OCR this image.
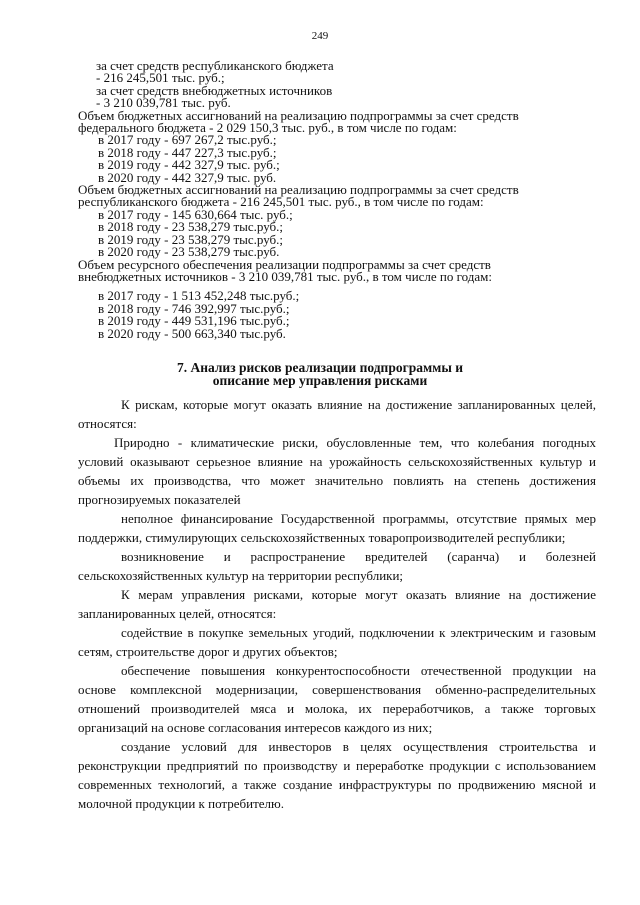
249

за счет средств республиканского бюджета

- 216 245,501 тыс. руб.;

за счет средств внебюджетных источников

- 3 210 039,781 тыс. руб.

Объем бюджетных ассигнований на реализацию подпрограммы за счет средств

федерального бюджета - 2 029 150,3 тыс. руб., в том числе по годам:

в 2017 году - 697 267,2 тыс.руб.;

в 2018 году - 447 227,3 тыс.руб.;

в 2019 году - 442 327,9 тыс. руб.;

в 2020 году - 442 327,9 тыс. руб.

Объем бюджетных ассигнований на реализацию подпрограммы за счет средств

республиканского бюджета - 216 245,501 тыс. руб., в том числе по годам:

в 2017 году - 145 630,664 тыс. руб.;

в 2018 году - 23 538,279 тыс.руб.;

в 2019 году - 23 538,279 тыс.руб.;

в 2020 году - 23 538,279 тыс.руб.

Объем ресурсного обеспечения реализации подпрограммы за счет средств

внебюджетных источников - 3 210 039,781 тыс. руб., в том числе по годам:

в 2017 году - 1 513 452,248 тыс.руб.;

в 2018 году - 746 392,997 тыс.руб.;

в 2019 году - 449 531,196 тыс.руб.;

в 2020 году - 500 663,340 тыс.руб.

7. Анализ рисков реализации подпрограммы и
описание мер управления рисками

К рискам, которые могут оказать влияние на достижение запланированных целей, относятся:

Природно - климатические риски, обусловленные тем, что колебания погодных условий оказывают серьезное влияние на урожайность сельскохозяйственных культур и объемы их производства, что может значительно повлиять на степень достижения прогнозируемых показателей

неполное финансирование Государственной программы, отсутствие прямых мер поддержки, стимулирующих сельскохозяйственных товаропроизводителей республики;

возникновение и распространение вредителей (саранча) и болезней сельскохозяйственных культур на территории республики;

К мерам управления рисками, которые могут оказать влияние на достижение запланированных целей, относятся:

содействие в покупке земельных угодий, подключении к электрическим и газовым сетям, строительстве дорог и других объектов;

обеспечение повышения конкурентоспособности отечественной продукции на основе комплексной модернизации, совершенствования обменно-распределительных отношений производителей мяса и молока, их переработчиков, а также торговых организаций на основе согласования интересов каждого из них;

создание условий для инвесторов в целях осуществления строительства и реконструкции предприятий по производству и переработке продукции с использованием современных технологий, а также создание инфраструктуры по продвижению мясной и молочной продукции к потребителю.
